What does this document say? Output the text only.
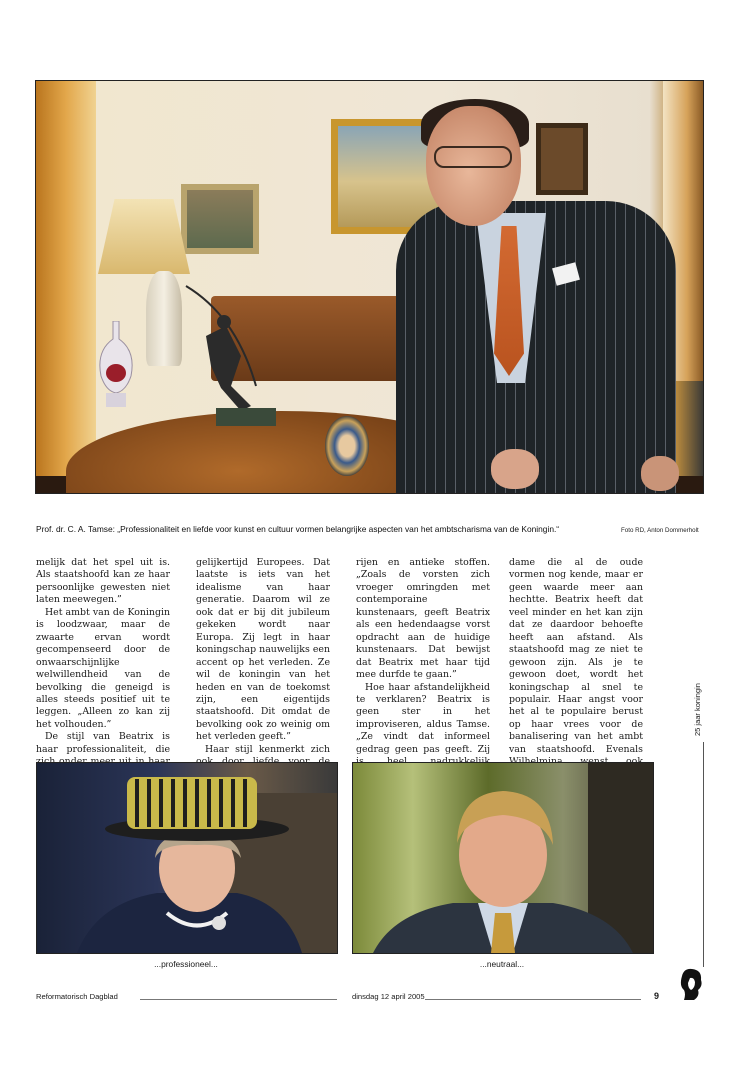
Prof. dr. C. A. Tamse: „Professionaliteit en liefde voor kunst en cultuur vormen belangrijke aspecten van het ambtscharisma van de Koningin.“	Foto RD, Anton Dommerholt

melijk dat het spel uit is. Als staatshoofd kan ze haar persoonlijke gewesten niet laten meewegen.”

Het ambt van de Koningin is loodzwaar, maar de zwaarte ervan wordt gecompenseerd door de onwaarschijnlijke welwillendheid van de bevolking die geneigd is alles steeds positief uit te leggen. „Alleen zo kan zij het volhouden.”

De stijl van Beatrix is haar professionaliteit, die

gelijkertijd Europees. Dat laatste is iets van het idealisme van haar generatie. Daarom wil ze ook dat er bij dit jubileum gekeken wordt naar Europa. Zij legt in haar koningschap nauwelijks een accent op het verleden. Ze wil de koningin van het heden en van de toekomst zijn, een eigentijds staatshoofd. Dit omdat de bevolking ook zo weinig om het verleden geeft.”

Haar stijl kenmerkt zich

rijen en antieke stoffen. „Zoals de vorsten zich vroeger omringden met contemporaine kunstenaars, geeft Beatrix als een hedendaagse vorst opdracht aan de huidige kunstenaars. Dat bewijst dat Beatrix met haar tijd mee durfde te gaan.”

Hoe haar afstandelijkheid te verklaren? Beatrix is geen ster in het improviseren, aldus Tamse. „Ze vindt dat informeel gedrag geen pas geeft. Zij

dame die al de oude vormen nog kende, maar er geen waarde meer aan hechtte. Beatrix heeft dat veel minder en het kan zijn dat ze daardoor behoefte heeft aan afstand. Als staatshoofd mag ze niet te gewoon zijn. Als je te gewoon doet, wordt het koningschap al snel te populair. Haar angst voor het al te populaire berust op haar vrees voor de banalisering van het ambt van staatshoofd. Evenals

...professioneel...	...neutraal...
25 jaar koningin
Reformatorisch Dagblad	dinsdag 12 april 2005	9
